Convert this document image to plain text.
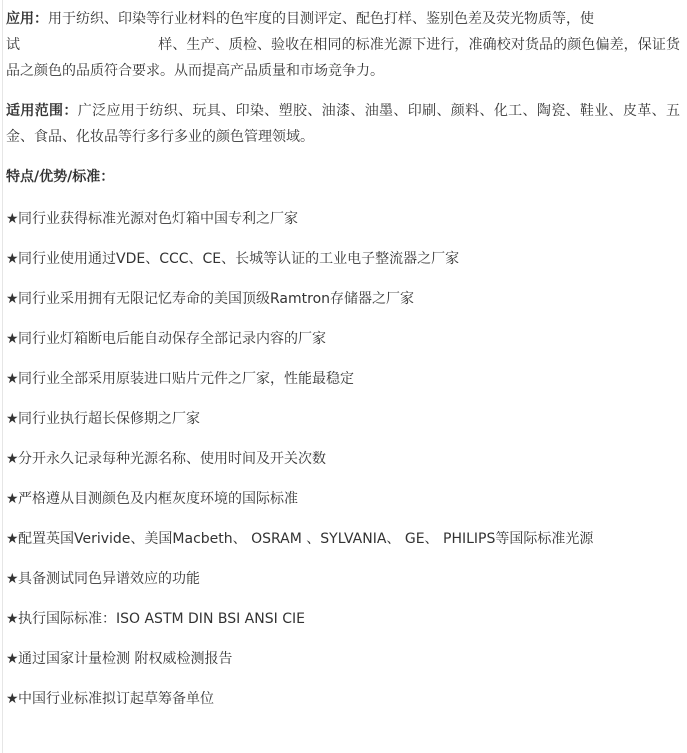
应用：用于纺织、印染等行业材料的色牢度的目测评定、配色打样、鉴别色差及荧光物质等，使
试	样、生产、质检、验收在相同的标准光源下进行，准确校对货品的颜色偏差，保证货品之颜色的品质符合要求。从而提高产品质量和市场竞争力。

适用范围：广泛应用于纺织、玩具、印染、塑胶、油漆、油墨、印刷、颜料、化工、陶瓷、鞋业、皮革、五金、食品、化妆品等行多行多业的颜色管理领域。

特点/优势/标准：

★同行业获得标准光源对色灯箱中国专利之厂家
★同行业使用通过VDE、CCC、CE、长城等认证的工业电子整流器之厂家
★同行业采用拥有无限记忆寿命的美国顶级Ramtron存储器之厂家
★同行业灯箱断电后能自动保存全部记录内容的厂家
★同行业全部采用原装进口贴片元件之厂家，性能最稳定
★同行业执行超长保修期之厂家
★分开永久记录每种光源名称、使用时间及开关次数
★严格遵从目测颜色及内框灰度环境的国际标准
★配置英国Verivide、美国Macbeth、 OSRAM 、SYLVANIA、 GE、 PHILIPS等国际标准光源
★具备测试同色异谱效应的功能
★执行国际标准：ISO ASTM DIN BSI ANSI CIE
★通过国家计量检测 附权威检测报告
★中国行业标准拟订起草筹备单位
